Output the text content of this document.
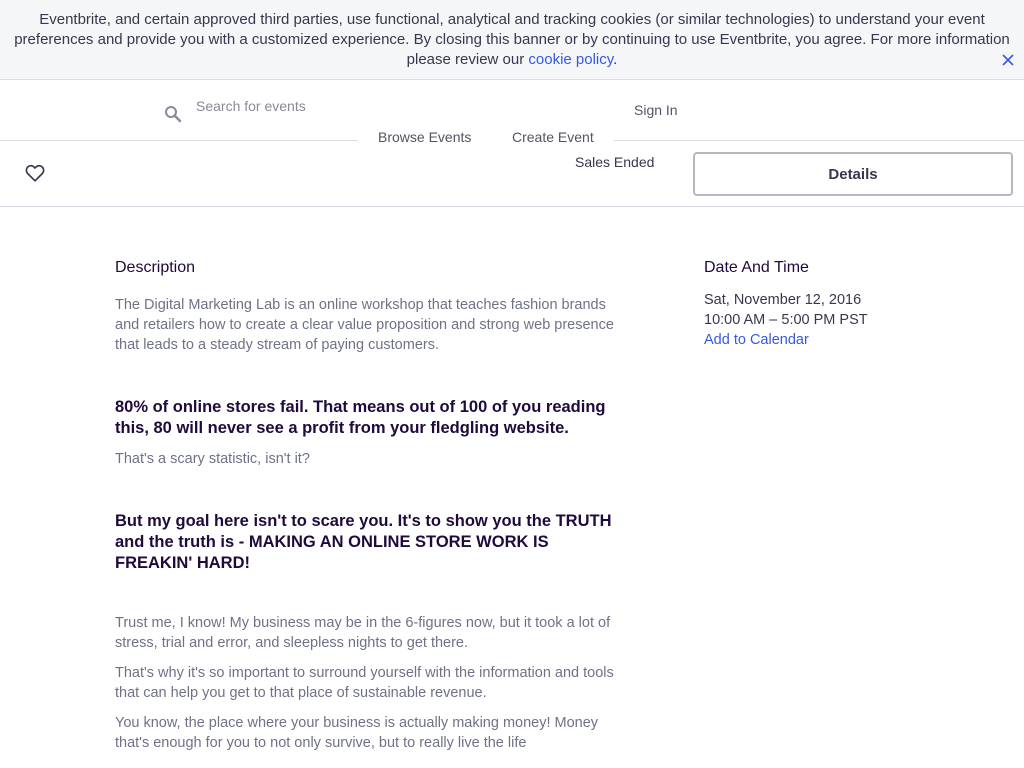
Eventbrite, and certain approved third parties, use functional, analytical and tracking cookies (or similar technologies) to understand your event preferences and provide you with a customized experience. By closing this banner or by continuing to use Eventbrite, you agree. For more information please review our cookie policy.
Search for events
Sign In
Sales Ended
Details
Browse Events	Create Event
Description

The Digital Marketing Lab is an online workshop that teaches fashion brands and retailers how to create a clear value proposition and strong web presence that leads to a steady stream of paying customers.

80% of online stores fail. That means out of 100 of you reading this, 80 will never see a profit from your fledgling website.

That's a scary statistic, isn't it?

But my goal here isn't to scare you. It's to show you the TRUTH and the truth is - MAKING AN ONLINE STORE WORK IS FREAKIN' HARD!

Trust me, I know! My business may be in the 6-figures now, but it took a lot of stress, trial and error, and sleepless nights to get there.

That's why it's so important to surround yourself with the information and tools that can help you get to that place of sustainable revenue.

You know, the place where your business is actually making money! Money that's enough for you to not only survive, but to really live the life

Date And Time

Sat, November 12, 2016

10:00 AM – 5:00 PM PST

Add to Calendar
